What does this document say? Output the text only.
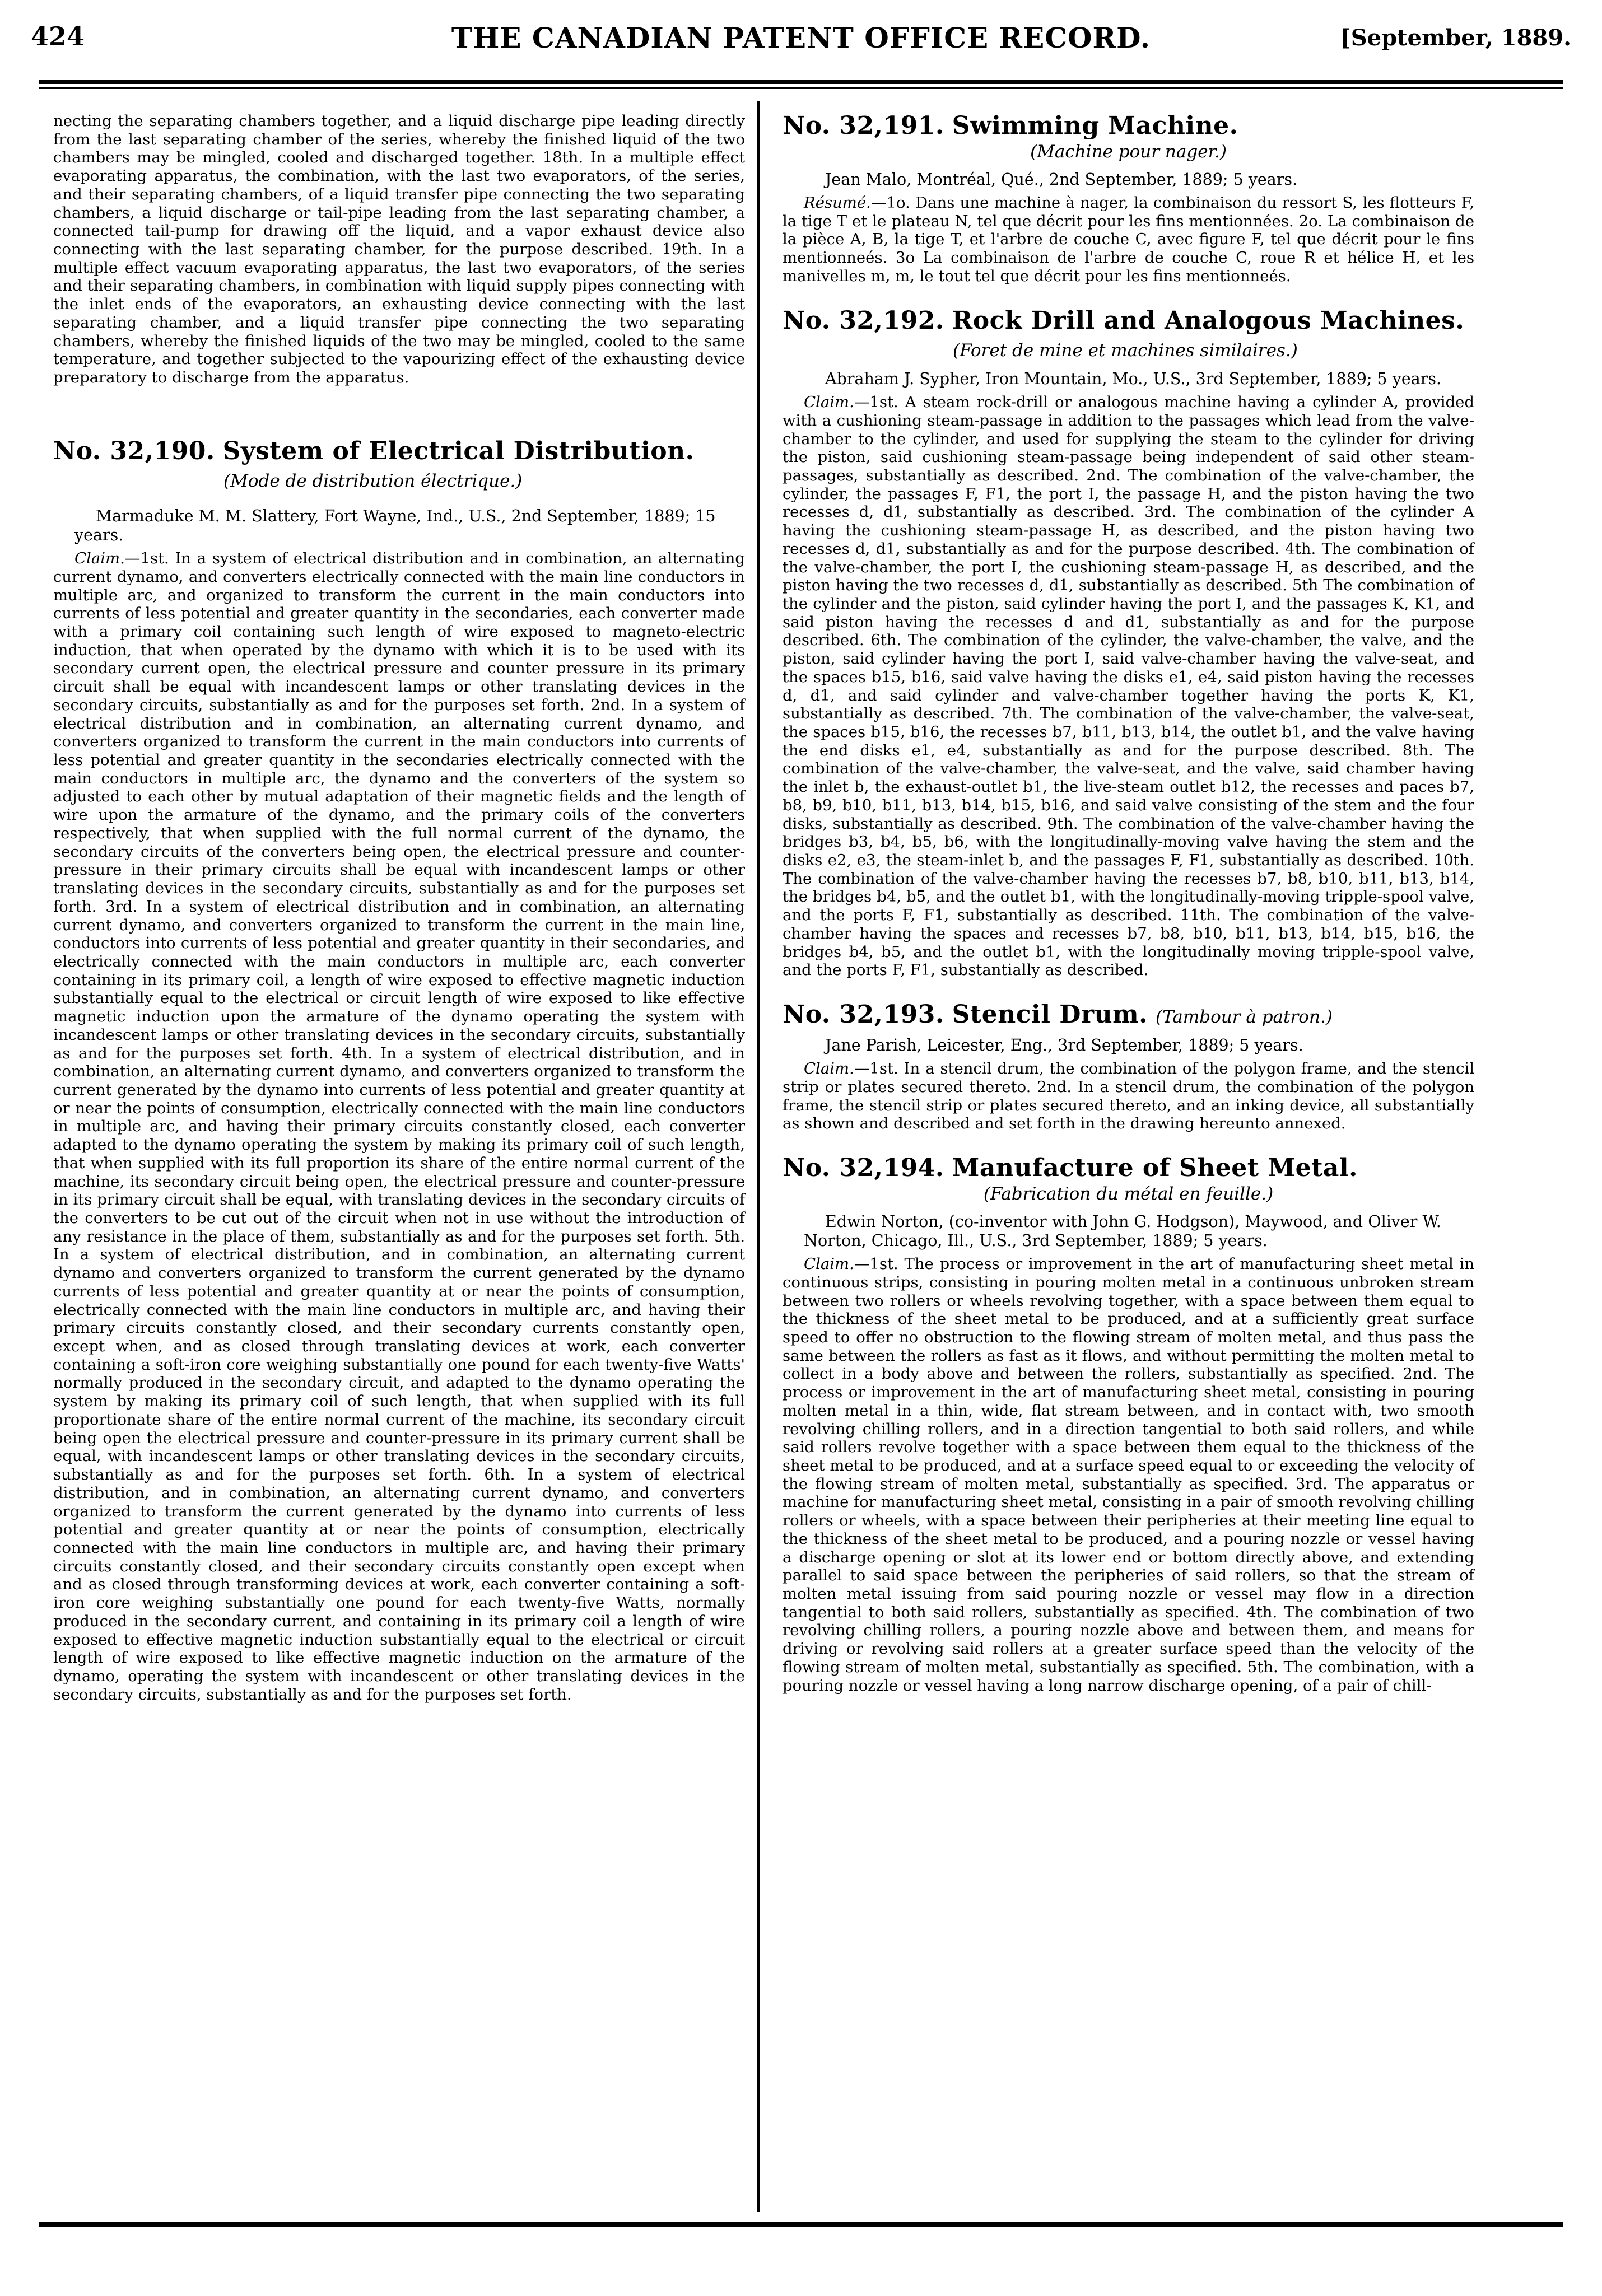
424	THE CANADIAN PATENT OFFICE RECORD.	[September, 1889.

necting the separating chambers together, and a liquid discharge pipe leading directly from the last separating chamber of the series, whereby the finished liquid of the two chambers may be mingled, cooled and discharged together. 18th. In a multiple effect evaporating apparatus, the combination, with the last two evaporators, of the series, and their separating chambers, of a liquid transfer pipe connecting the two separating chambers, a liquid discharge or tail-pipe leading from the last separating chamber, a connected tail-pump for drawing off the liquid, and a vapor exhaust device also connecting with the last separating chamber, for the purpose described. 19th. In a multiple effect vacuum evaporating apparatus, the last two evaporators, of the series and their separating chambers, in combination with liquid supply pipes connecting with the inlet ends of the evaporators, an exhausting device connecting with the last separating chamber, and a liquid transfer pipe connecting the two separating chambers, whereby the finished liquids of the two may be mingled, cooled to the same temperature, and together subjected to the vapourizing effect of the exhausting device preparatory to discharge from the apparatus.

No. 32,190. System of Electrical Distribution.(Mode de distribution électrique.)

Marmaduke M. M. Slattery, Fort Wayne, Ind., U.S., 2nd September, 1889; 15 years.

Claim.—1st. In a system of electrical distribution and in combination, an alternating current dynamo, and converters electrically connected with the main line conductors in multiple arc, and organized to transform the current in the main conductors into currents of less potential and greater quantity in the secondaries, each converter made with a primary coil containing such length of wire exposed to magneto-electric induction, that when operated by the dynamo with which it is to be used with its secondary current open, the electrical pressure and counter pressure in its primary circuit shall be equal with incandescent lamps or other translating devices in the secondary circuits, substantially as and for the purposes set forth. 2nd. In a system of electrical distribution and in combination, an alternating current dynamo, and converters organized to transform the current in the main conductors into currents of less potential and greater quantity in the secondaries electrically connected with the main conductors in multiple arc, the dynamo and the converters of the system so adjusted to each other by mutual adaptation of their magnetic fields and the length of wire upon the armature of the dynamo, and the primary coils of the converters respectively, that when supplied with the full normal current of the dynamo, the secondary circuits of the converters being open, the electrical pressure and counter-pressure in their primary circuits shall be equal with incandescent lamps or other translating devices in the secondary circuits, substantially as and for the purposes set forth. 3rd. In a system of electrical distribution and in combination, an alternating current dynamo, and converters organized to transform the current in the main line, conductors into currents of less potential and greater quantity in their secondaries, and electrically connected with the main conductors in multiple arc, each converter containing in its primary coil, a length of wire exposed to effective magnetic induction substantially equal to the electrical or circuit length of wire exposed to like effective magnetic induction upon the armature of the dynamo operating the system with incandescent lamps or other translating devices in the secondary circuits, substantially as and for the purposes set forth. 4th. In a system of electrical distribution, and in combination, an alternating current dynamo, and converters organized to transform the current generated by the dynamo into currents of less potential and greater quantity at or near the points of consumption, electrically connected with the main line conductors in multiple arc, and having their primary circuits constantly closed, each converter adapted to the dynamo operating the system by making its primary coil of such length, that when supplied with its full proportion its share of the entire normal current of the machine, its secondary circuit being open, the electrical pressure and counter-pressure in its primary circuit shall be equal, with translating devices in the secondary circuits of the converters to be cut out of the circuit when not in use without the introduction of any resistance in the place of them, substantially as and for the purposes set forth. 5th. In a system of electrical distribution, and in combination, an alternating current dynamo and converters organized to transform the current generated by the dynamo currents of less potential and greater quantity at or near the points of consumption, electrically connected with the main line conductors in multiple arc, and having their primary circuits constantly closed, and their secondary currents constantly open, except when, and as closed through translating devices at work, each converter containing a soft-iron core weighing substantially one pound for each twenty-five Watts' normally produced in the secondary circuit, and adapted to the dynamo operating the system by making its primary coil of such length, that when supplied with its full proportionate share of the entire normal current of the machine, its secondary circuit being open the electrical pressure and counter-pressure in its primary current shall be equal, with incandescent lamps or other translating devices in the secondary circuits, substantially as and for the purposes set forth. 6th. In a system of electrical distribution, and in combination, an alternating current dynamo, and converters organized to transform the current generated by the dynamo into currents of less potential and greater quantity at or near the points of consumption, electrically connected with the main line conductors in multiple arc, and having their primary circuits constantly closed, and their secondary circuits constantly open except when and as closed through transforming devices at work, each converter containing a soft-iron core weighing substantially one pound for each twenty-five Watts, normally produced in the secondary current, and containing in its primary coil a length of wire exposed to effective magnetic induction substantially equal to the electrical or circuit length of wire exposed to like effective magnetic induction on the armature of the dynamo, operating the system with incandescent or other translating devices in the secondary circuits, substantially as and for the purposes set forth.

No. 32,191. Swimming Machine.
(Machine pour nager.)

Jean Malo, Montréal, Qué., 2nd September, 1889; 5 years.

Résumé.—1o. Dans une machine à nager, la combinaison du ressort S, les flotteurs F, la tige T et le plateau N, tel que décrit pour les fins mentionnées. 2o. La combinaison de la pièce A, B, la tige T, et l'arbre de couche C, avec figure F, tel que décrit pour le fins mentionneés. 3o La combinaison de l'arbre de couche C, roue R et hélice H, et les manivelles m, m, le tout tel que décrit pour les fins mentionneés.

No. 32,192. Rock Drill and Analogous Machines.(Foret de mine et machines similaires.)

Abraham J. Sypher, Iron Mountain, Mo., U.S., 3rd September, 1889; 5 years.

Claim.—1st. A steam rock-drill or analogous machine having a cylinder A, provided with a cushioning steam-passage in addition to the passages which lead from the valve-chamber to the cylinder, and used for supplying the steam to the cylinder for driving the piston, said cushioning steam-passage being independent of said other steam-passages, substantially as described. 2nd. The combination of the valve-chamber, the cylinder, the passages F, F1, the port I, the passage H, and the piston having the two recesses d, d1, substantially as described. 3rd. The combination of the cylinder A having the cushioning steam-passage H, as described, and the piston having two recesses d, d1, substantially as and for the purpose described. 4th. The combination of the valve-chamber, the port I, the cushioning steam-passage H, as described, and the piston having the two recesses d, d1, substantially as described. 5th The combination of the cylinder and the piston, said cylinder having the port I, and the passages K, K1, and said piston having the recesses d and d1, substantially as and for the purpose described. 6th. The combination of the cylinder, the valve-chamber, the valve, and the piston, said cylinder having the port I, said valve-chamber having the valve-seat, and the spaces b15, b16, said valve having the disks e1, e4, said piston having the recesses d, d1, and said cylinder and valve-chamber together having the ports K, K1, substantially as described. 7th. The combination of the valve-chamber, the valve-seat, the spaces b15, b16, the recesses b7, b11, b13, b14, the outlet b1, and the valve having the end disks e1, e4, substantially as and for the purpose described. 8th. The combination of the valve-chamber, the valve-seat, and the valve, said chamber having the inlet b, the exhaust-outlet b1, the live-steam outlet b12, the recesses and paces b7, b8, b9, b10, b11, b13, b14, b15, b16, and said valve consisting of the stem and the four disks, substantially as described. 9th. The combination of the valve-chamber having the bridges b3, b4, b5, b6, with the longitudinally-moving valve having the stem and the disks e2, e3, the steam-inlet b, and the passages F, F1, substantially as described. 10th. The combination of the valve-chamber having the recesses b7, b8, b10, b11, b13, b14, the bridges b4, b5, and the outlet b1, with the longitudinally-moving tripple-spool valve, and the ports F, F1, substantially as described. 11th. The combination of the valve-chamber having the spaces and recesses b7, b8, b10, b11, b13, b14, b15, b16, the bridges b4, b5, and the outlet b1, with the longitudinally moving tripple-spool valve, and the ports F, F1, substantially as described.

No. 32,193. Stencil Drum. (Tambour à patron.)

Jane Parish, Leicester, Eng., 3rd September, 1889; 5 years.

Claim.—1st. In a stencil drum, the combination of the polygon frame, and the stencil strip or plates secured thereto. 2nd. In a stencil drum, the combination of the polygon frame, the stencil strip or plates secured thereto, and an inking device, all substantially as shown and described and set forth in the drawing hereunto annexed.

No. 32,194. Manufacture of Sheet Metal.
(Fabrication du métal en feuille.)

Edwin Norton, (co-inventor with John G. Hodgson), Maywood, and Oliver W. Norton, Chicago, Ill., U.S., 3rd September, 1889; 5 years.

Claim.—1st. The process or improvement in the art of manufacturing sheet metal in continuous strips, consisting in pouring molten metal in a continuous unbroken stream between two rollers or wheels revolving together, with a space between them equal to the thickness of the sheet metal to be produced, and at a sufficiently great surface speed to offer no obstruction to the flowing stream of molten metal, and thus pass the same between the rollers as fast as it flows, and without permitting the molten metal to collect in a body above and between the rollers, substantially as specified. 2nd. The process or improvement in the art of manufacturing sheet metal, consisting in pouring molten metal in a thin, wide, flat stream between, and in contact with, two smooth revolving chilling rollers, and in a direction tangential to both said rollers, and while said rollers revolve together with a space between them equal to the thickness of the sheet metal to be produced, and at a surface speed equal to or exceeding the velocity of the flowing stream of molten metal, substantially as specified. 3rd. The apparatus or machine for manufacturing sheet metal, consisting in a pair of smooth revolving chilling rollers or wheels, with a space between their peripheries at their meeting line equal to the thickness of the sheet metal to be produced, and a pouring nozzle or vessel having a discharge opening or slot at its lower end or bottom directly above, and extending parallel to said space between the peripheries of said rollers, so that the stream of molten metal issuing from said pouring nozzle or vessel may flow in a direction tangential to both said rollers, substantially as specified. 4th. The combination of two revolving chilling rollers, a pouring nozzle above and between them, and means for driving or revolving said rollers at a greater surface speed than the velocity of the flowing stream of molten metal, substantially as specified. 5th. The combination, with a pouring nozzle or vessel having a long narrow discharge opening, of a pair of chill-
